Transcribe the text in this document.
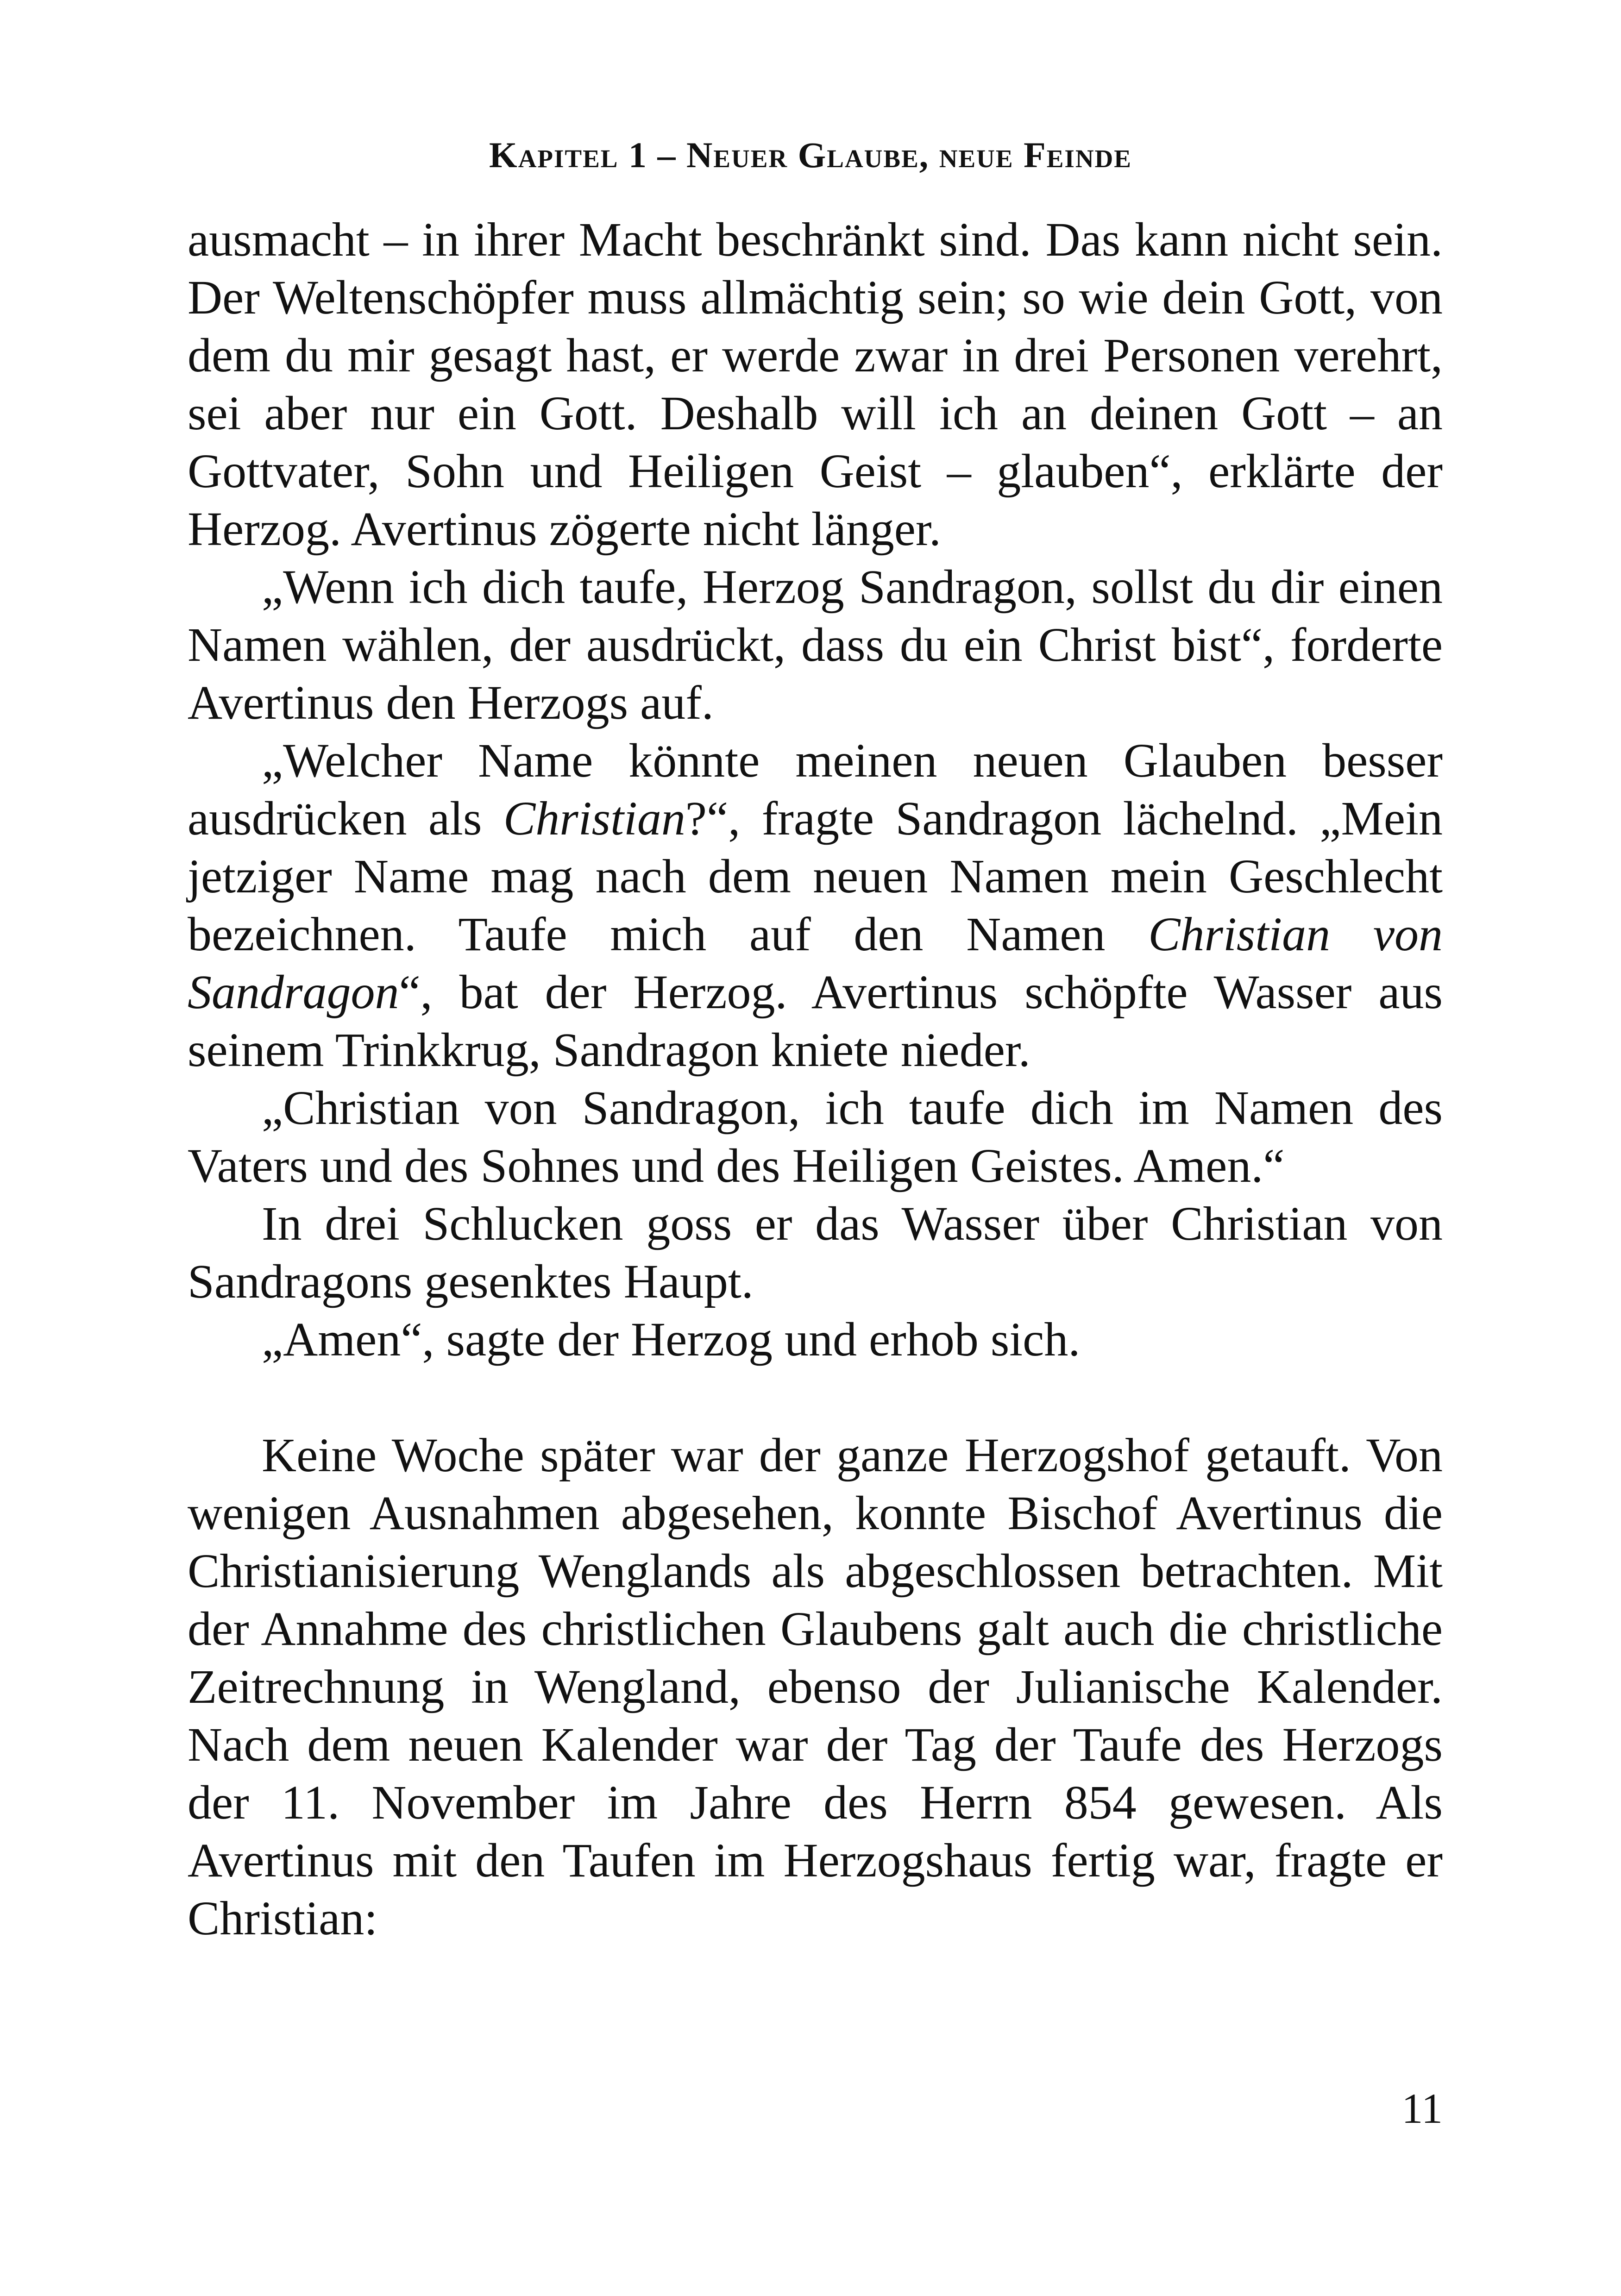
Kapitel 1 – Neuer Glaube, neue Feinde

ausmacht – in ihrer Macht beschränkt sind. Das kann nicht sein. Der Weltenschöpfer muss allmächtig sein; so wie dein Gott, von dem du mir gesagt hast, er werde zwar in drei Personen verehrt, sei aber nur ein Gott. Deshalb will ich an deinen Gott – an Gottvater, Sohn und Heiligen Geist – glauben“, erklärte der Herzog. Avertinus zögerte nicht länger.

„Wenn ich dich taufe, Herzog Sandragon, sollst du dir einen Namen wählen, der ausdrückt, dass du ein Christ bist“, forderte Avertinus den Herzogs auf.

„Welcher Name könnte meinen neuen Glauben besser ausdrücken als Christian?“, fragte Sandragon lächelnd. „Mein jetziger Name mag nach dem neuen Namen mein Geschlecht bezeichnen. Taufe mich auf den Namen Christian von Sandragon“, bat der Herzog. Avertinus schöpfte Wasser aus seinem Trinkkrug, Sandragon kniete nieder.

„Christian von Sandragon, ich taufe dich im Namen des Vaters und des Sohnes und des Heiligen Geistes. Amen.“

In drei Schlucken goss er das Wasser über Christian von Sandragons gesenktes Haupt.

„Amen“, sagte der Herzog und erhob sich.

Keine Woche später war der ganze Herzogshof getauft. Von wenigen Ausnahmen abgesehen, konnte Bischof Avertinus die Christianisierung Wenglands als abgeschlossen betrachten. Mit der Annahme des christlichen Glaubens galt auch die christliche Zeitrechnung in Wengland, ebenso der Julianische Kalender. Nach dem neuen Kalender war der Tag der Taufe des Herzogs der 11. November im Jahre des Herrn 854 gewesen. Als Avertinus mit den Taufen im Herzogshaus fertig war, fragte er Christian:

11
